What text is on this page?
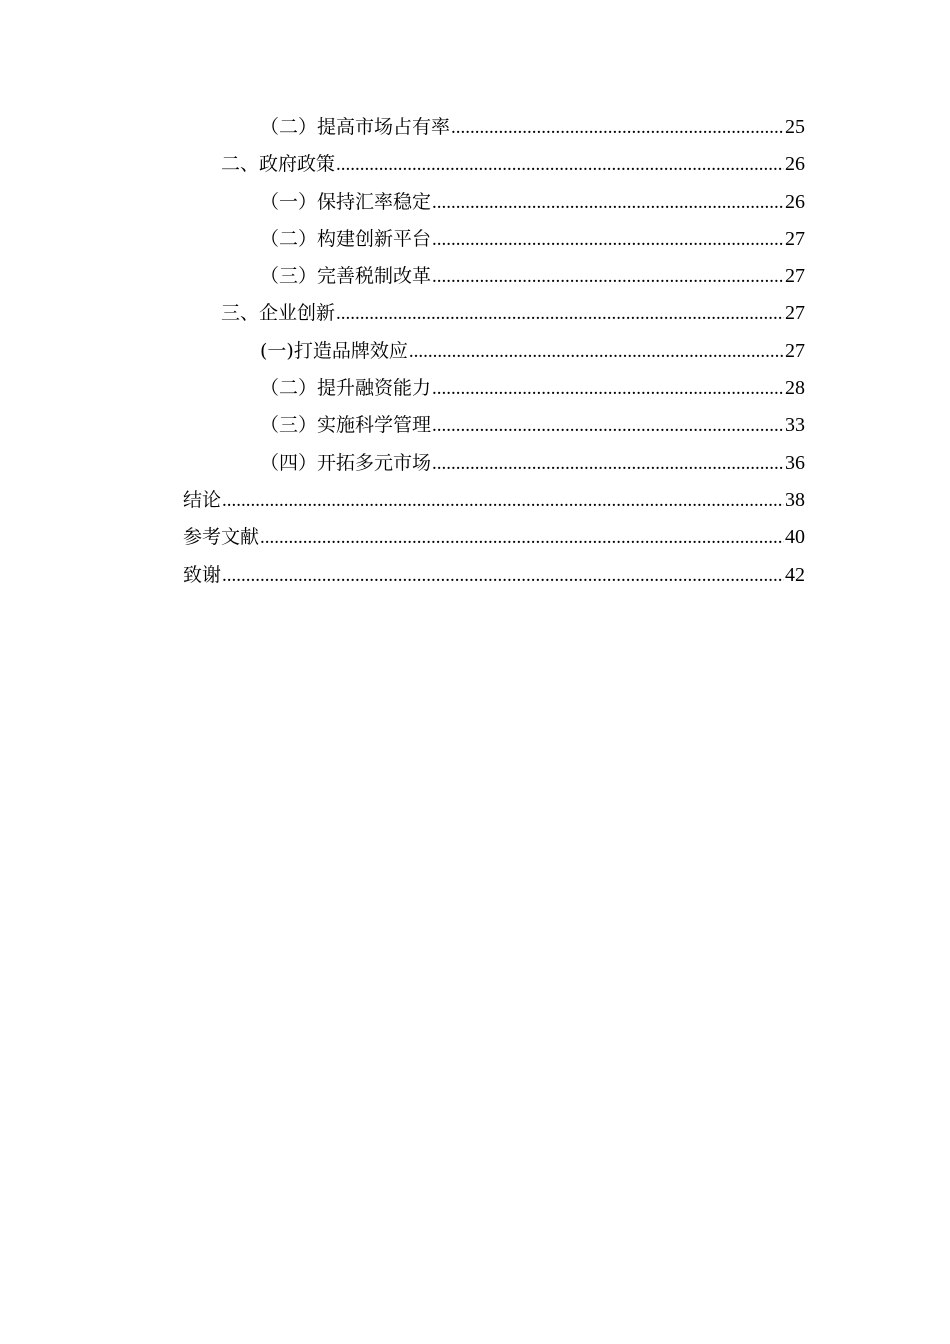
（二）提高市场占有率 .....	25
二、政府政策 .....	26
（一）保持汇率稳定 .....	26
（二）构建创新平台 .....	27
（三）完善税制改革 .....	27
三、企业创新 .....	27
(一)打造品牌效应 .....	27
（二）提升融资能力 .....	28
（三）实施科学管理 .....	33
（四）开拓多元市场 .....	36
结论 .....	38
参考文献 .....	40
致谢 .....	42
